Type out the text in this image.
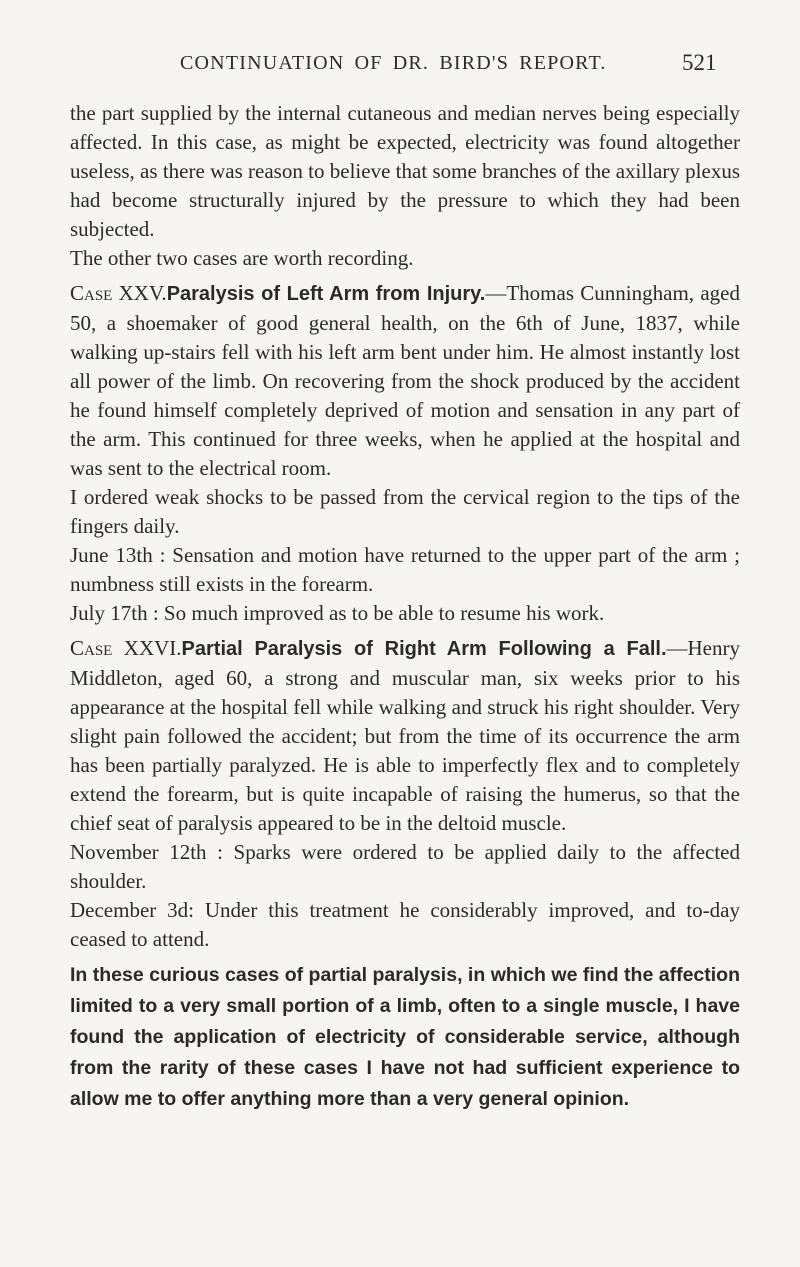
CONTINUATION OF DR. BIRD'S REPORT.	521

the part supplied by the internal cutaneous and median nerves being especially affected. In this case, as might be expected, electricity was found altogether useless, as there was reason to believe that some branches of the axillary plexus had become structurally injured by the pressure to which they had been subjected.

The other two cases are worth recording.

Case XXV.Paralysis of Left Arm from Injury.—Thomas Cunningham, aged 50, a shoemaker of good general health, on the 6th of June, 1837, while walking up-stairs fell with his left arm bent under him. He almost instantly lost all power of the limb. On recovering from the shock produced by the accident he found himself completely deprived of motion and sensation in any part of the arm. This continued for three weeks, when he applied at the hospital and was sent to the electrical room.

I ordered weak shocks to be passed from the cervical region to the tips of the fingers daily.

June 13th : Sensation and motion have returned to the upper part of the arm ; numbness still exists in the forearm.

July 17th : So much improved as to be able to resume his work.

Case XXVI.Partial Paralysis of Right Arm Following a Fall.—Henry Middleton, aged 60, a strong and muscular man, six weeks prior to his appearance at the hospital fell while walking and struck his right shoulder. Very slight pain followed the accident; but from the time of its occurrence the arm has been partially paralyzed. He is able to imperfectly flex and to completely extend the forearm, but is quite incapable of raising the humerus, so that the chief seat of paralysis appeared to be in the deltoid muscle.

November 12th : Sparks were ordered to be applied daily to the affected shoulder.

December 3d: Under this treatment he considerably improved, and to-day ceased to attend.

In these curious cases of partial paralysis, in which we find the affection limited to a very small portion of a limb, often to a single muscle, I have found the application of electricity of considerable service, although from the rarity of these cases I have not had sufficient experience to allow me to offer anything more than a very general opinion.
